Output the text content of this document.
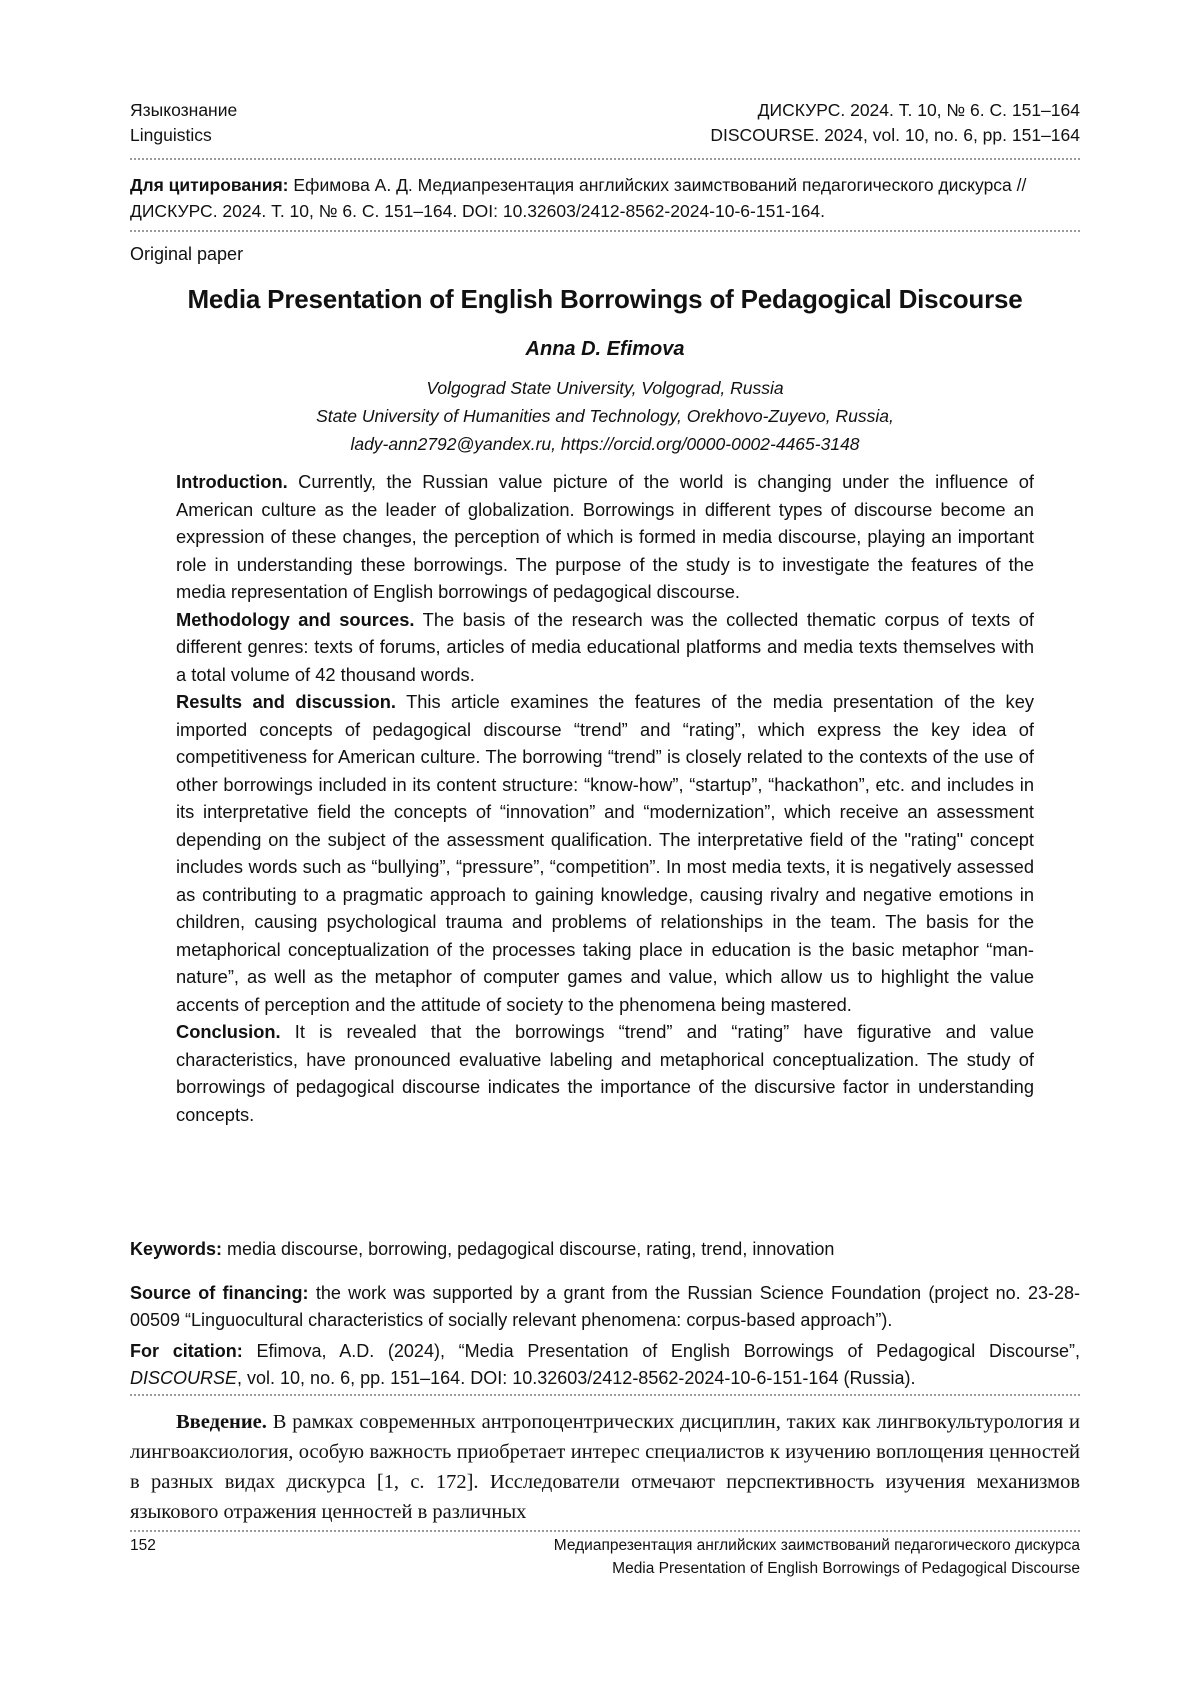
Языкознание
Linguistics
ДИСКУРС. 2024. Т. 10, № 6. С. 151–164
DISCOURSE. 2024, vol. 10, no. 6, pp. 151–164
Для цитирования: Ефимова А. Д. Медиапрезентация английских заимствований педагогического дискурса // ДИСКУРС. 2024. Т. 10, № 6. С. 151–164. DOI: 10.32603/2412-8562-2024-10-6-151-164.
Original paper
Media Presentation of English Borrowings of Pedagogical Discourse
Anna D. Efimova
Volgograd State University, Volgograd, Russia
State University of Humanities and Technology, Orekhovo-Zuyevo, Russia,
lady-ann2792@yandex.ru, https://orcid.org/0000-0002-4465-3148

Introduction. Currently, the Russian value picture of the world is changing under the influence of American culture as the leader of globalization. Borrowings in different types of discourse become an expression of these changes, the perception of which is formed in media discourse, playing an important role in understanding these borrowings. The purpose of the study is to investigate the features of the media representation of English borrowings of pedagogical discourse.

Methodology and sources. The basis of the research was the collected thematic corpus of texts of different genres: texts of forums, articles of media educational platforms and media texts themselves with a total volume of 42 thousand words.

Results and discussion. This article examines the features of the media presentation of the key imported concepts of pedagogical discourse “trend” and “rating”, which express the key idea of competitiveness for American culture. The borrowing “trend” is closely related to the contexts of the use of other borrowings included in its content structure: “know-how”, “startup”, “hackathon”, etc. and includes in its interpretative field the concepts of “innovation” and “modernization”, which receive an assessment depending on the subject of the assessment qualification. The interpretative field of the "rating" concept includes words such as “bullying”, “pressure”, “competition”. In most media texts, it is negatively assessed as contributing to a pragmatic approach to gaining knowledge, causing rivalry and negative emotions in children, causing psychological trauma and problems of relationships in the team. The basis for the metaphorical conceptualization of the processes taking place in education is the basic metaphor “man-nature”, as well as the metaphor of computer games and value, which allow us to highlight the value accents of perception and the attitude of society to the phenomena being mastered.

Conclusion. It is revealed that the borrowings “trend” and “rating” have figurative and value characteristics, have pronounced evaluative labeling and metaphorical conceptualization. The study of borrowings of pedagogical discourse indicates the importance of the discursive factor in understanding concepts.

Keywords: media discourse, borrowing, pedagogical discourse, rating, trend, innovation
Source of financing: the work was supported by a grant from the Russian Science Foundation (project no. 23-28-00509 “Linguocultural characteristics of socially relevant phenomena: corpus-based approach”).
For citation: Efimova, A.D. (2024), “Media Presentation of English Borrowings of Pedagogical Discourse”, DISCOURSE, vol. 10, no. 6, pp. 151–164. DOI: 10.32603/2412-8562-2024-10-6-151-164 (Russia).

Введение. В рамках современных антропоцентрических дисциплин, таких как лингвокультурология и лингвоаксиология, особую важность приобретает интерес специалистов к изучению воплощения ценностей в разных видах дискурса [1, с. 172]. Исследователи отмечают перспективность изучения механизмов языкового отражения ценностей в различных

152	Медиапрезентация английских заимствований педагогического дискурса
Media Presentation of English Borrowings of Pedagogical Discourse
